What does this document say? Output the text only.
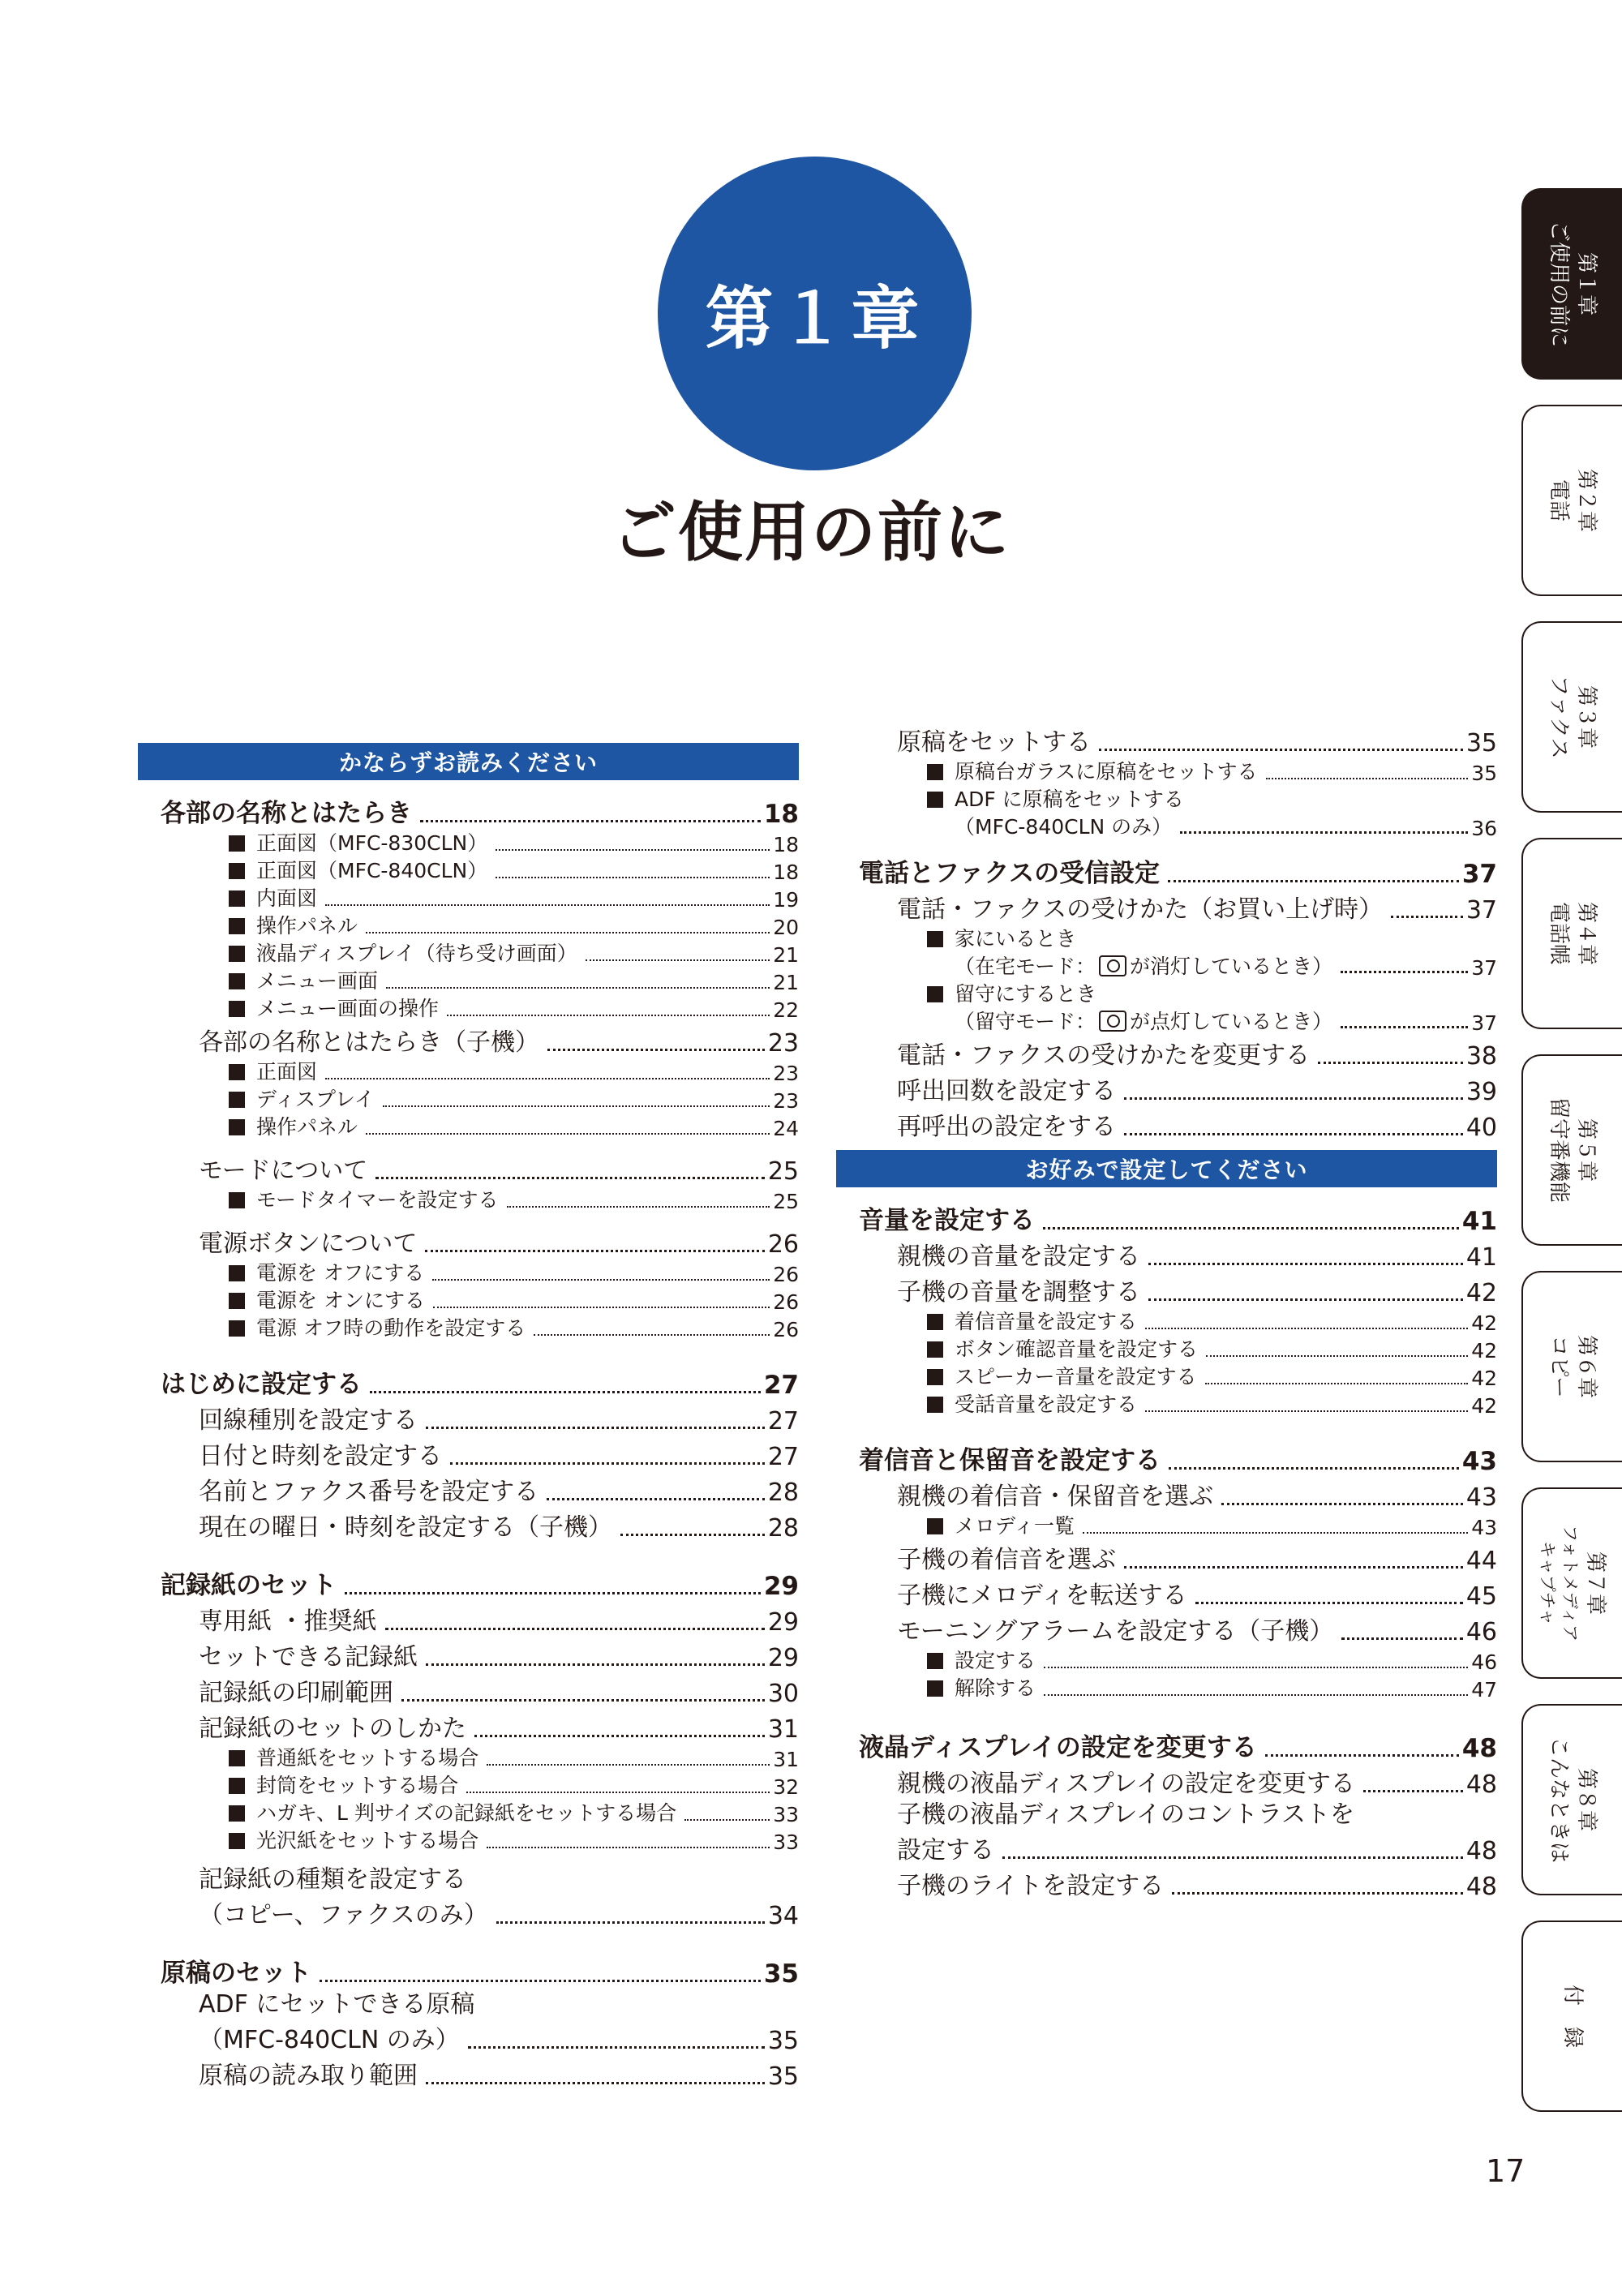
第１章
ご使用の前に
かならずお読みください
各部の名称とはたらき	18
正面図（MFC-830CLN）	18
正面図（MFC-840CLN）	18
内面図	19
操作パネル	20
液晶ディスプレイ（待ち受け画面）	21
メニュー画面	21
メニュー画面の操作	22
各部の名称とはたらき（子機）	23
正面図	23
ディスプレイ	23
操作パネル	24
モードについて	25
モードタイマーを設定する	25
電源ボタンについて	26
電源を オフにする	26
電源を オンにする	26
電源 オフ時の動作を設定する	26
はじめに設定する	27
回線種別を設定する	27
日付と時刻を設定する	27
名前とファクス番号を設定する	28
現在の曜日・時刻を設定する（子機）	28
記録紙のセット	29
専用紙 ・推奨紙	29
セットできる記録紙	29
記録紙の印刷範囲	30
記録紙のセットのしかた	31
普通紙をセットする場合	31
封筒をセットする場合	32
ハガキ、L 判サイズの記録紙をセットする場合	33
光沢紙をセットする場合	33
記録紙の種類を設定する
（コピー、ファクスのみ）	34
原稿のセット	35
ADF にセットできる原稿
（MFC-840CLN のみ）	35
原稿の読み取り範囲	35
原稿をセットする	35
原稿台ガラスに原稿をセットする	35
ADF に原稿をセットする
（MFC-840CLN のみ）	36
電話とファクスの受信設定	37
電話・ファクスの受けかた（お買い上げ時）	37
家にいるとき
（在宅モード： が消灯しているとき）	37
留守にするとき
（留守モード： が点灯しているとき）	37
電話・ファクスの受けかたを変更する	38
呼出回数を設定する	39
再呼出の設定をする	40
お好みで設定してください
音量を設定する	41
親機の音量を設定する	41
子機の音量を調整する	42
着信音量を設定する	42
ボタン確認音量を設定する	42
スピーカー音量を設定する	42
受話音量を設定する	42
着信音と保留音を設定する	43
親機の着信音・保留音を選ぶ	43
メロディ一覧	43
子機の着信音を選ぶ	44
子機にメロディを転送する	45
モーニングアラームを設定する（子機）	46
設定する	46
解除する	47
液晶ディスプレイの設定を変更する	48
親機の液晶ディスプレイの設定を変更する	48
子機の液晶ディスプレイのコントラストを
設定する	48
子機のライトを設定する	48
第１章
ご使用の前に
第２章
電話
第３章
ファクス
第４章
電話帳
第５章
留守番機能
第６章
コピー
第７章
フォトメディア
キャプチャ
第８章
こんなときは
付　録
17
